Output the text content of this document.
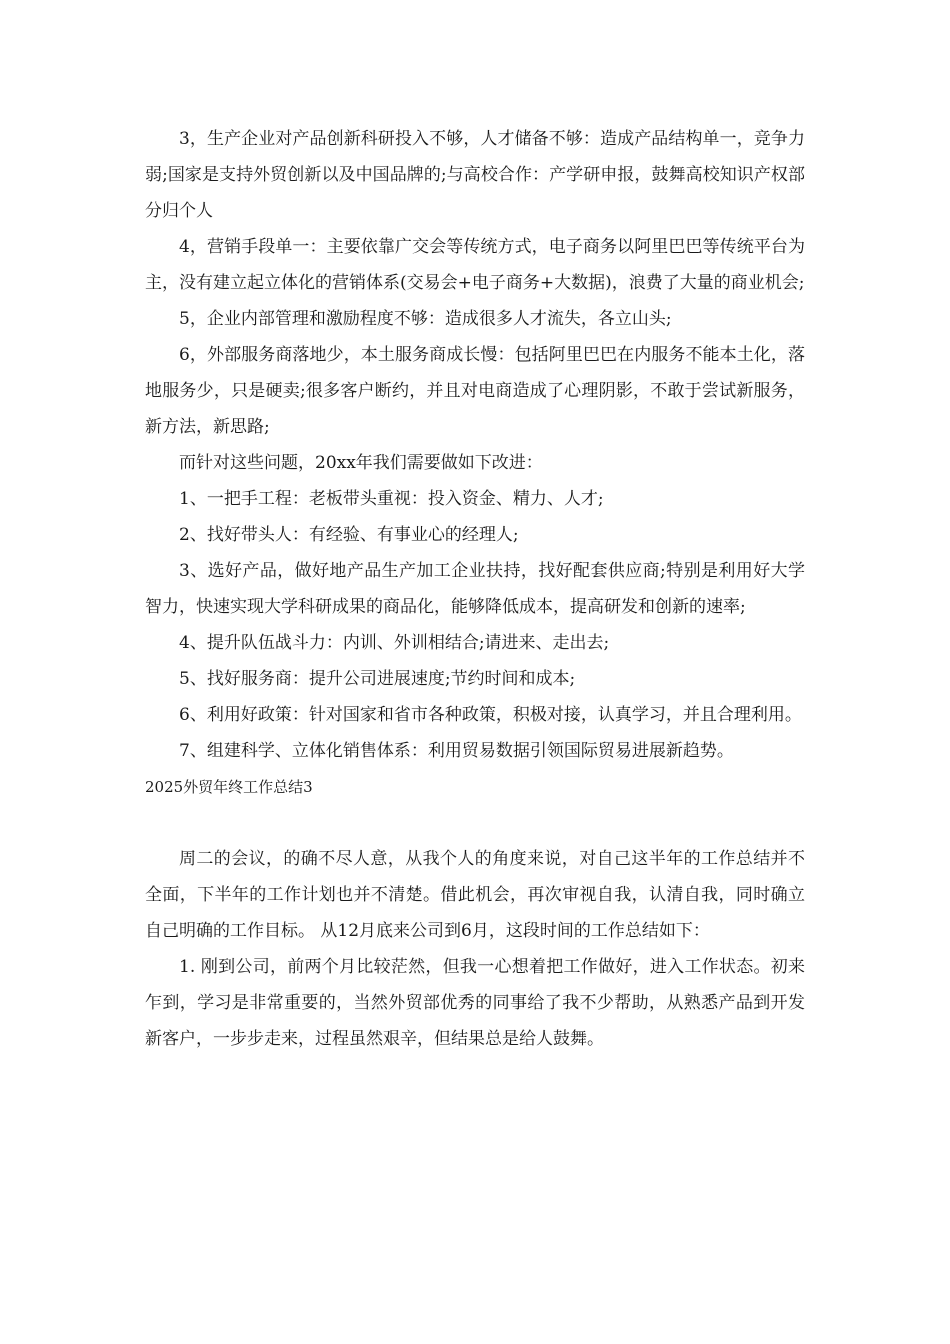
3，生产企业对产品创新科研投入不够，人才储备不够：造成产品结构单一，竞争力弱;国家是支持外贸创新以及中国品牌的;与高校合作：产学研申报，鼓舞高校知识产权部分归个人

4，营销手段单一：主要依靠广交会等传统方式，电子商务以阿里巴巴等传统平台为主，没有建立起立体化的营销体系(交易会+电子商务+大数据)，浪费了大量的商业机会;

5，企业内部管理和激励程度不够：造成很多人才流失，各立山头;

6，外部服务商落地少，本土服务商成长慢：包括阿里巴巴在内服务不能本土化，落地服务少，只是硬卖;很多客户断约，并且对电商造成了心理阴影，不敢于尝试新服务，新方法，新思路;

而针对这些问题，20xx年我们需要做如下改进：

1、一把手工程：老板带头重视：投入资金、精力、人才;

2、找好带头人：有经验、有事业心的经理人;

3、选好产品，做好地产品生产加工企业扶持，找好配套供应商;特别是利用好大学智力，快速实现大学科研成果的商品化，能够降低成本，提高研发和创新的速率;

4、提升队伍战斗力：内训、外训相结合;请进来、走出去;

5、找好服务商：提升公司进展速度;节约时间和成本;

6、利用好政策：针对国家和省市各种政策，积极对接，认真学习，并且合理利用。

7、组建科学、立体化销售体系：利用贸易数据引领国际贸易进展新趋势。

2025外贸年终工作总结3

周二的会议，的确不尽人意，从我个人的角度来说，对自己这半年的工作总结并不全面，下半年的工作计划也并不清楚。借此机会，再次审视自我，认清自我，同时确立自己明确的工作目标。 从12月底来公司到6月，这段时间的工作总结如下：

1. 刚到公司，前两个月比较茫然，但我一心想着把工作做好，进入工作状态。初来乍到，学习是非常重要的，当然外贸部优秀的同事给了我不少帮助，从熟悉产品到开发新客户，一步步走来，过程虽然艰辛，但结果总是给人鼓舞。
